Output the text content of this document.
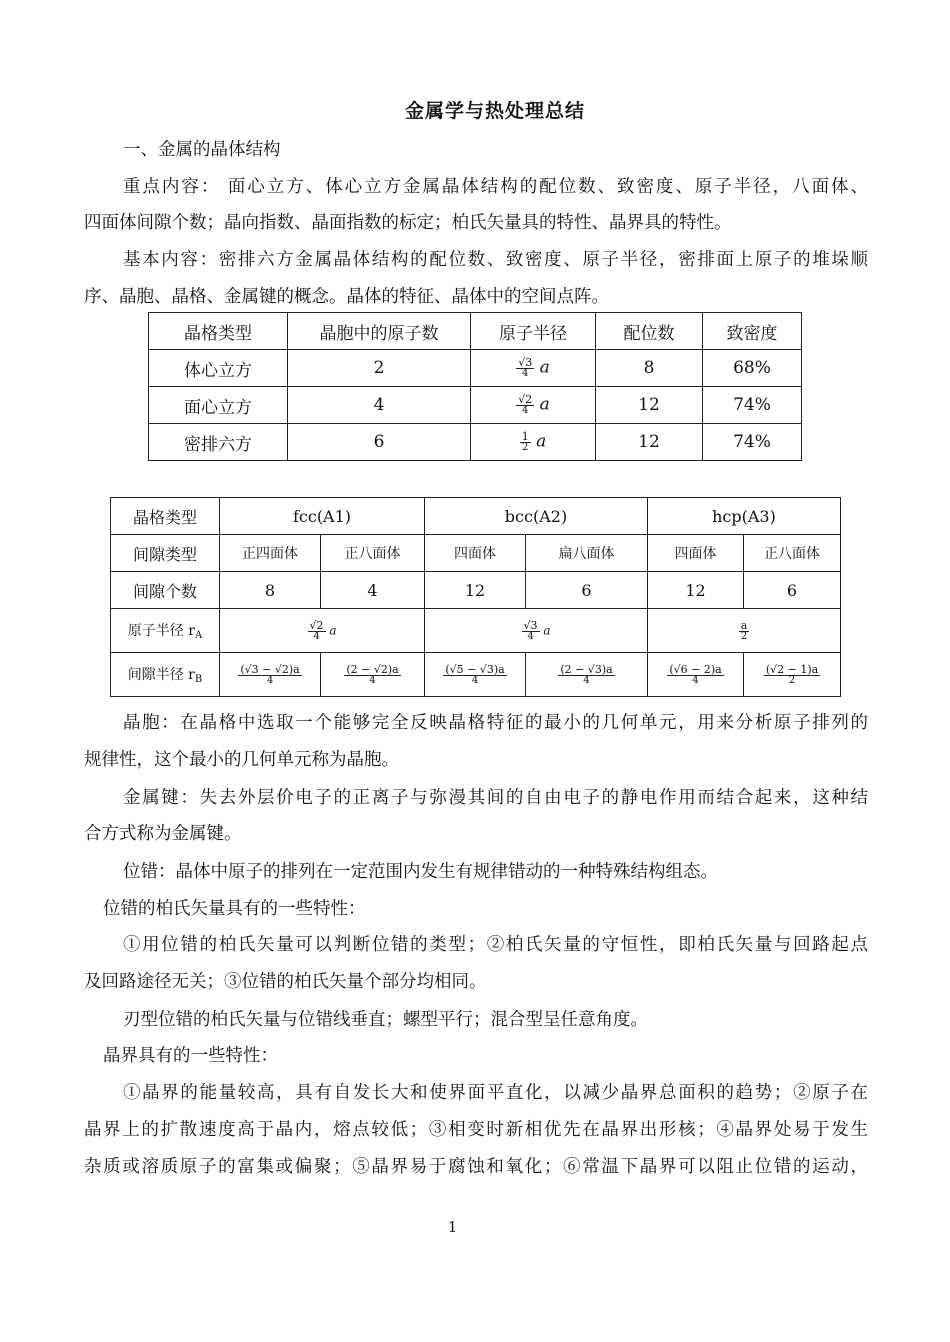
金属学与热处理总结
一、金属的晶体结构
重点内容： 面心立方、体心立方金属晶体结构的配位数、致密度、原子半径，八面体、
四面体间隙个数；晶向指数、晶面指数的标定；柏氏矢量具的特性、晶界具的特性。
基本内容：密排六方金属晶体结构的配位数、致密度、原子半径，密排面上原子的堆垛顺
序、晶胞、晶格、金属键的概念。晶体的特征、晶体中的空间点阵。
晶格类型	晶胞中的原子数	原子半径	配位数	致密度
体心立方	2	$\frac{√3}{4}$ a	8	68%
面心立方	4	$\frac{√2}{4}$ a	12	74%
密排六方	6	$\frac{1}{2}$ a	12	74%
晶格类型	fcc(A1)		bcc(A2)		hcp(A3)	
间隙类型	正四面体	正八面体	四面体	扁八面体	四面体	正八面体
间隙个数	8	4	12	6	12	6
原子半径 $r_A$	$\frac{√2}{4}$ a		$\frac{√3}{4}$ a		$\frac{a}{2}$

间隙半径 $r_B$	$\frac{(√3 - √2)a}{4}$	$\frac{(2 - √2)a}{4}$	$\frac{(√5 - √3)a}{4}$	$\frac{(2 - √3)a}{4}$	$\frac{(√6 - 2)a}{4}$	$\frac{(√2 - 1)a}{2}$
晶胞：在晶格中选取一个能够完全反映晶格特征的最小的几何单元，用来分析原子排列的
规律性，这个最小的几何单元称为晶胞。
金属键：失去外层价电子的正离子与弥漫其间的自由电子的静电作用而结合起来，这种结
合方式称为金属键。
位错：晶体中原子的排列在一定范围内发生有规律错动的一种特殊结构组态。
位错的柏氏矢量具有的一些特性：
①用位错的柏氏矢量可以判断位错的类型；②柏氏矢量的守恒性，即柏氏矢量与回路起点
及回路途径无关；③位错的柏氏矢量个部分均相同。
刃型位错的柏氏矢量与位错线垂直；螺型平行；混合型呈任意角度。
晶界具有的一些特性：
①晶界的能量较高，具有自发长大和使界面平直化，以减少晶界总面积的趋势；②原子在
晶界上的扩散速度高于晶内，熔点较低；③相变时新相优先在晶界出形核；④晶界处易于发生
杂质或溶质原子的富集或偏聚；⑤晶界易于腐蚀和氧化；⑥常温下晶界可以阻止位错的运动，
1
